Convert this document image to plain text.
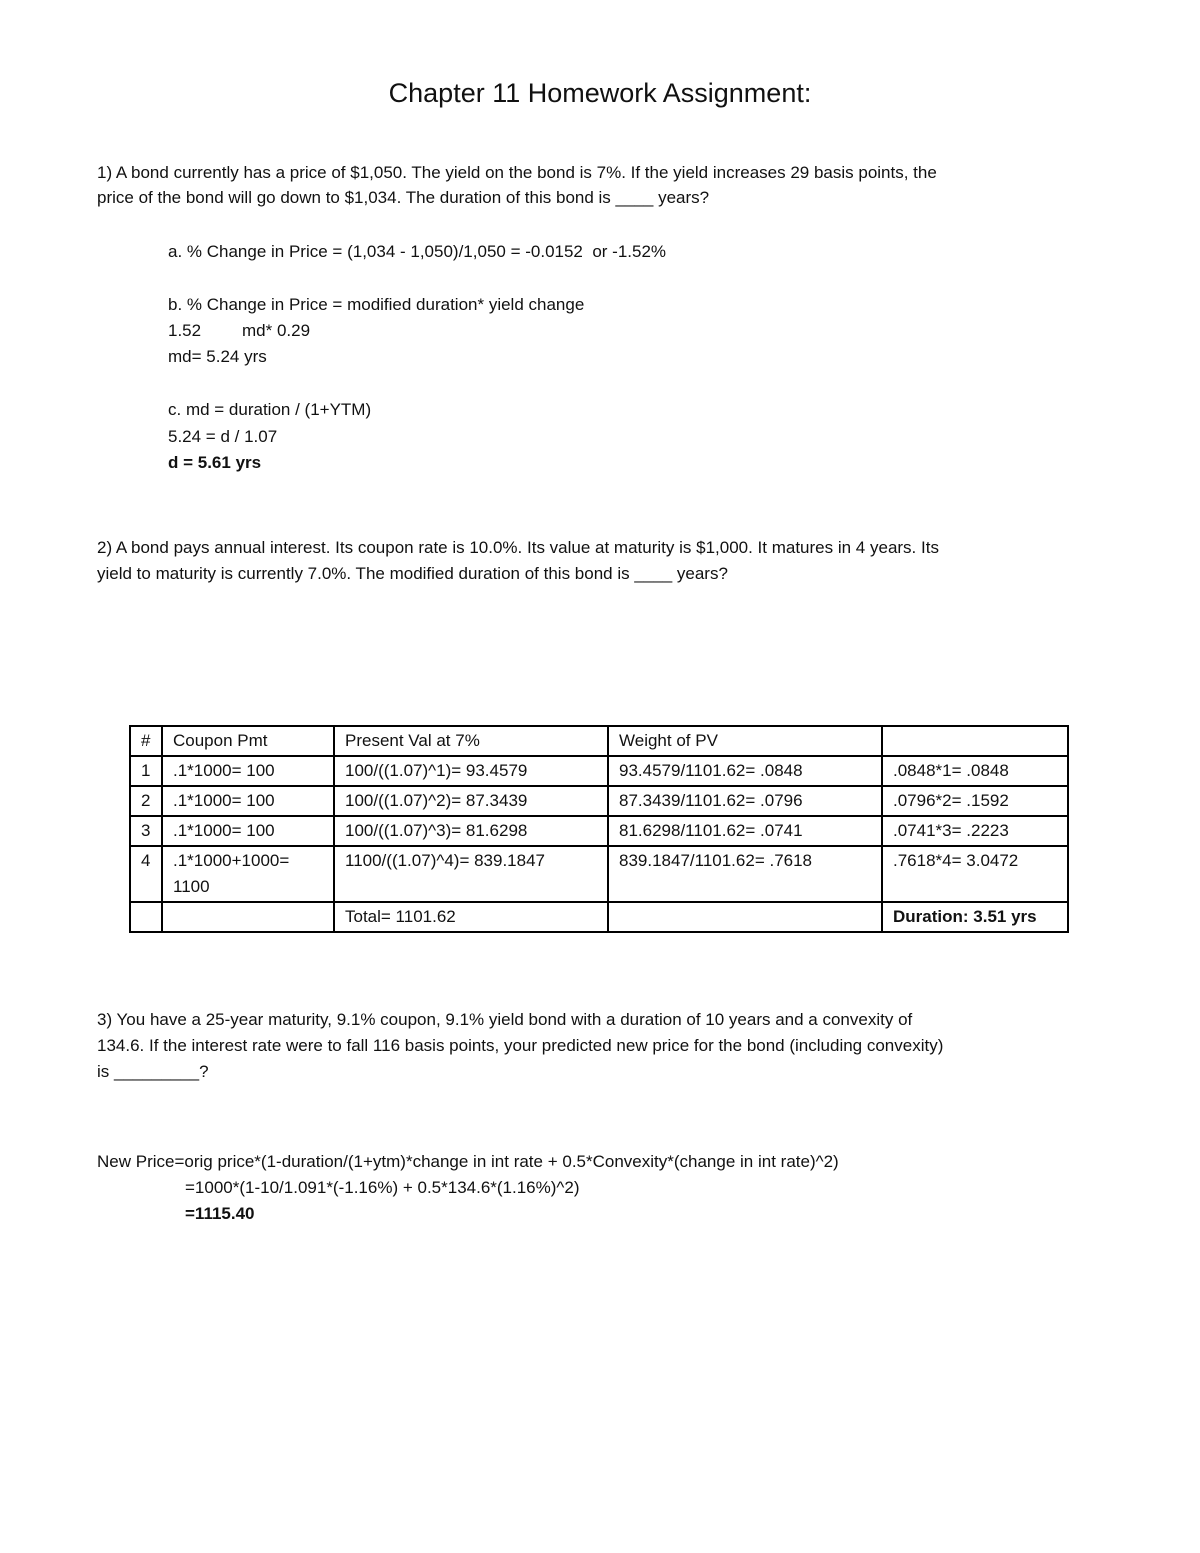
Chapter 11 Homework Assignment:
1) A bond currently has a price of $1,050. The yield on the bond is 7%. If the yield increases 29 basis points, the
price of the bond will go down to $1,034. The duration of this bond is ____ years?
a. % Change in Price = (1,034 - 1,050)/1,050 = -0.0152  or -1.52%
b. % Change in Price = modified duration* yield change
1.52 md* 0.29
md= 5.24 yrs
c. md = duration / (1+YTM)
5.24 = d / 1.07
d = 5.61 yrs
2) A bond pays annual interest. Its coupon rate is 10.0%. Its value at maturity is $1,000. It matures in 4 years. Its
yield to maturity is currently 7.0%. The modified duration of this bond is ____ years?
#	Coupon Pmt	Present Val at 7%	Weight of PV	
1	.1*1000= 100	100/((1.07)^1)= 93.4579	93.4579/1101.62= .0848	.0848*1= .0848
2	.1*1000= 100	100/((1.07)^2)= 87.3439	87.3439/1101.62= .0796	.0796*2= .1592
3	.1*1000= 100	100/((1.07)^3)= 81.6298	81.6298/1101.62= .0741	.0741*3= .2223
4	.1*1000+1000= 1100	1100/((1.07)^4)= 839.1847	839.1847/1101.62= .7618	.7618*4= 3.0472
		Total= 1101.62		Duration: 3.51 yrs
3) You have a 25-year maturity, 9.1% coupon, 9.1% yield bond with a duration of 10 years and a convexity of
134.6. If the interest rate were to fall 116 basis points, your predicted new price for the bond (including convexity)
is _________?
New Price=orig price*(1-duration/(1+ytm)*change in int rate + 0.5*Convexity*(change in int rate)^2)
=1000*(1-10/1.091*(-1.16%) + 0.5*134.6*(1.16%)^2)
=1115.40
